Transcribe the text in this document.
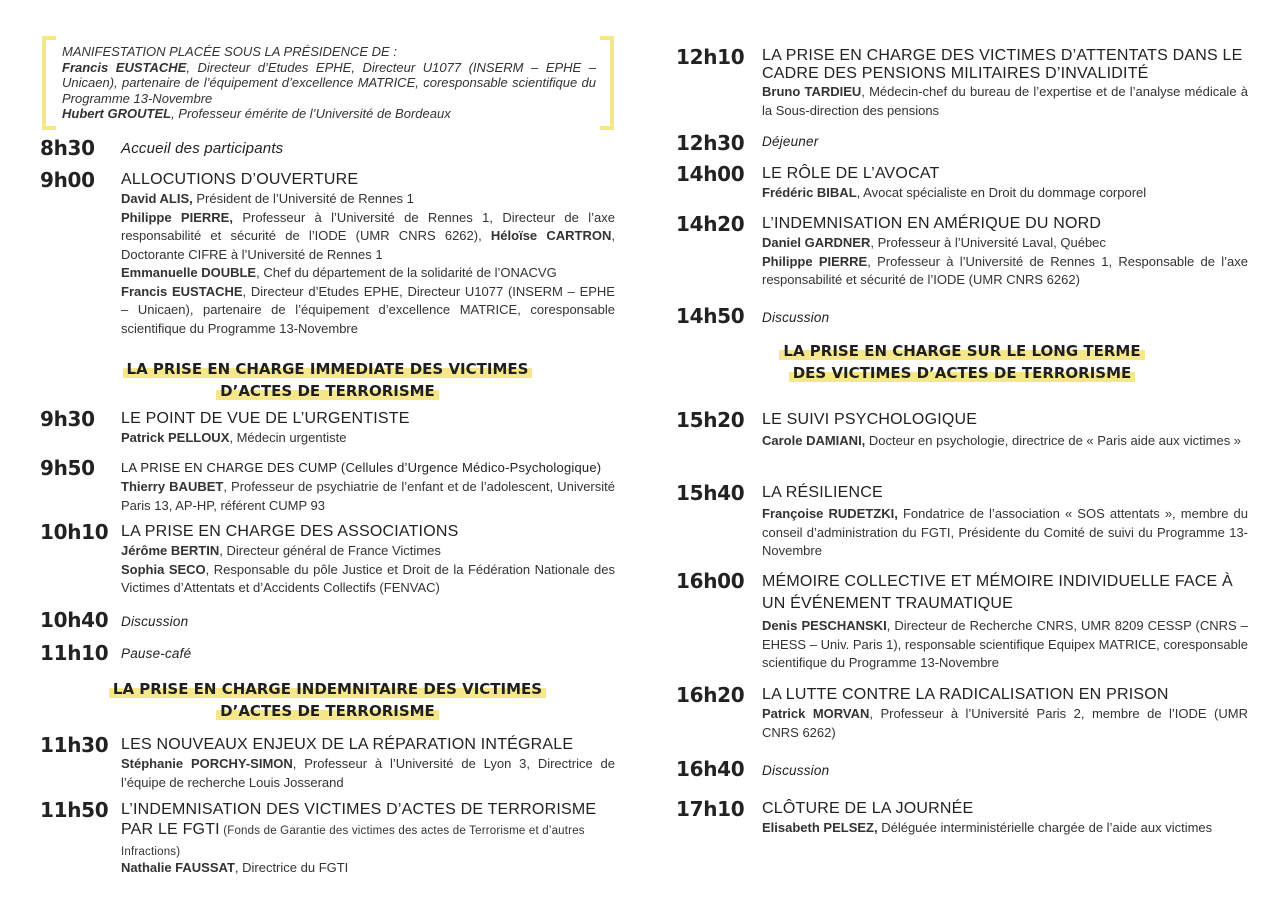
MANIFESTATION PLACÉE SOUS LA PRÉSIDENCE DE :
Francis EUSTACHE, Directeur d’Etudes EPHE, Directeur U1077 (INSERM – EPHE – Unicaen), partenaire de l’équipement d’excellence MATRICE, coresponsable scientifique du Programme 13-Novembre
Hubert GROUTEL, Professeur émérite de l’Université de Bordeaux
8h30 Accueil des participants
9h00 ALLOCUTIONS D’OUVERTURE
David ALIS, Président de l’Université de Rennes 1
Philippe PIERRE, Professeur à l’Université de Rennes 1, Directeur de l’axe responsabilité et sécurité de l’IODE (UMR CNRS 6262), Héloïse CARTRON, Doctorante CIFRE à l’Université de Rennes 1
Emmanuelle DOUBLE, Chef du département de la solidarité de l’ONACVG
Francis EUSTACHE, Directeur d’Etudes EPHE, Directeur U1077 (INSERM – EPHE – Unicaen), partenaire de l’équipement d’excellence MATRICE, coresponsable scientifique du Programme 13-Novembre
LA PRISE EN CHARGE IMMEDIATE DES VICTIMES
D’ACTES DE TERRORISME
9h30 LE POINT DE VUE DE L’URGENTISTE
Patrick PELLOUX, Médecin urgentiste
9h50 LA PRISE EN CHARGE DES CUMP (Cellules d’Urgence Médico-Psychologique)
Thierry BAUBET, Professeur de psychiatrie de l’enfant et de l’adolescent, Université Paris 13, AP-HP, référent CUMP 93
10h10 LA PRISE EN CHARGE DES ASSOCIATIONS
Jérôme BERTIN, Directeur général de France Victimes
Sophia SECO, Responsable du pôle Justice et Droit de la Fédération Nationale des Victimes d’Attentats et d’Accidents Collectifs (FENVAC)
10h40 Discussion
11h10 Pause-café
LA PRISE EN CHARGE INDEMNITAIRE DES VICTIMES
D’ACTES DE TERRORISME
11h30 LES NOUVEAUX ENJEUX DE LA RÉPARATION INTÉGRALE
Stéphanie PORCHY-SIMON, Professeur à l’Université de Lyon 3, Directrice de l’équipe de recherche Louis Josserand
11h50 L’INDEMNISATION DES VICTIMES D’ACTES DE TERRORISME PAR LE FGTI (Fonds de Garantie des victimes des actes de Terrorisme et d’autres Infractions)
Nathalie FAUSSAT, Directrice du FGTI
12h10 LA PRISE EN CHARGE DES VICTIMES D’ATTENTATS DANS LE CADRE DES PENSIONS MILITAIRES D’INVALIDITÉ
Bruno TARDIEU, Médecin-chef du bureau de l’expertise et de l’analyse médicale à la Sous-direction des pensions
12h30 Déjeuner
14h00 LE RÔLE DE L’AVOCAT
Frédéric BIBAL, Avocat spécialiste en Droit du dommage corporel
14h20 L’INDEMNISATION EN AMÉRIQUE DU NORD
Daniel GARDNER, Professeur à l’Université Laval, Québec
Philippe PIERRE, Professeur à l’Université de Rennes 1, Responsable de l’axe responsabilité et sécurité de l’IODE (UMR CNRS 6262)
14h50 Discussion
LA PRISE EN CHARGE SUR LE LONG TERME
DES VICTIMES D’ACTES DE TERRORISME
15h20 LE SUIVI PSYCHOLOGIQUE
Carole DAMIANI, Docteur en psychologie, directrice de « Paris aide aux victimes »
15h40 LA RÉSILIENCE
Françoise RUDETZKI, Fondatrice de l’association « SOS attentats », membre du conseil d’administration du FGTI, Présidente du Comité de suivi du Programme 13-Novembre
16h00 MÉMOIRE COLLECTIVE ET MÉMOIRE INDIVIDUELLE FACE À UN ÉVÉNEMENT TRAUMATIQUE
Denis PESCHANSKI, Directeur de Recherche CNRS, UMR 8209 CESSP (CNRS – EHESS – Univ. Paris 1), responsable scientifique Equipex MATRICE, coresponsable scientifique du Programme 13-Novembre
16h20 LA LUTTE CONTRE LA RADICALISATION EN PRISON
Patrick MORVAN, Professeur à l’Université Paris 2, membre de l’IODE (UMR CNRS 6262)
16h40 Discussion
17h10 CLÔTURE DE LA JOURNÉE
Elisabeth PELSEZ, Déléguée interministérielle chargée de l’aide aux victimes
